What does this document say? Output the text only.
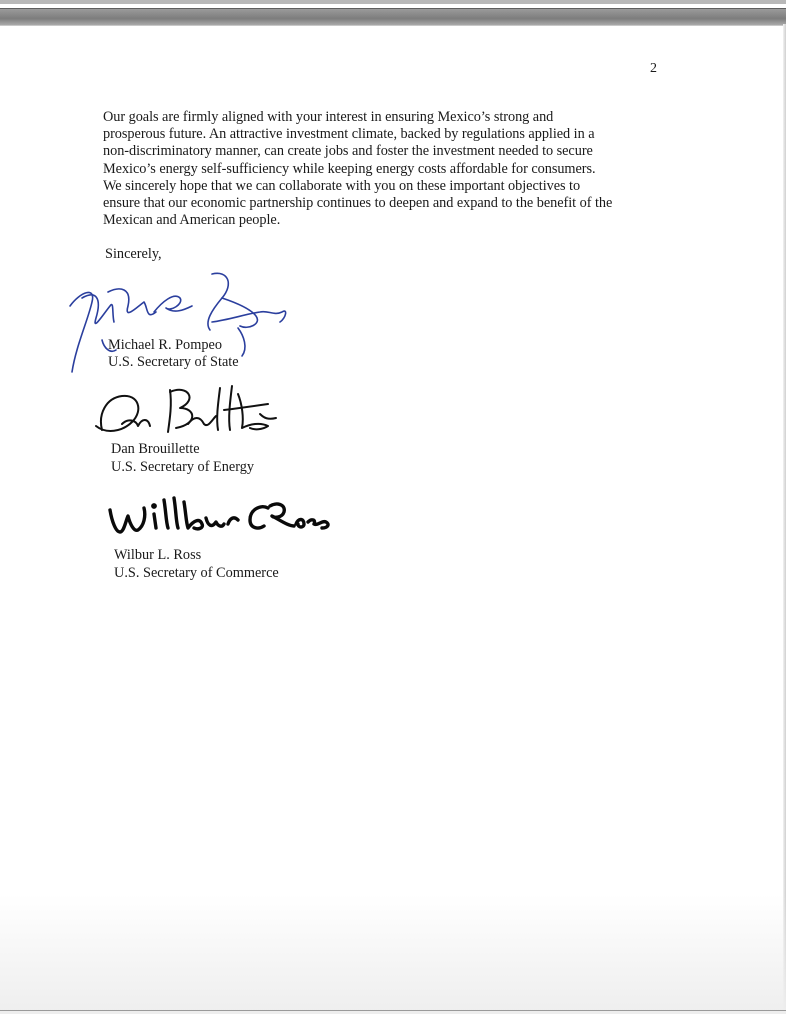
2
Our goals are firmly aligned with your interest in ensuring Mexico’s strong and
prosperous future. An attractive investment climate, backed by regulations applied in a
non-discriminatory manner, can create jobs and foster the investment needed to secure
Mexico’s energy self-sufficiency while keeping energy costs affordable for consumers.
We sincerely hope that we can collaborate with you on these important objectives to
ensure that our economic partnership continues to deepen and expand to the benefit of the
Mexican and American people.
Sincerely,
Michael R. Pompeo
U.S. Secretary of State
Dan Brouillette
U.S. Secretary of Energy
Wilbur L. Ross
U.S. Secretary of Commerce
